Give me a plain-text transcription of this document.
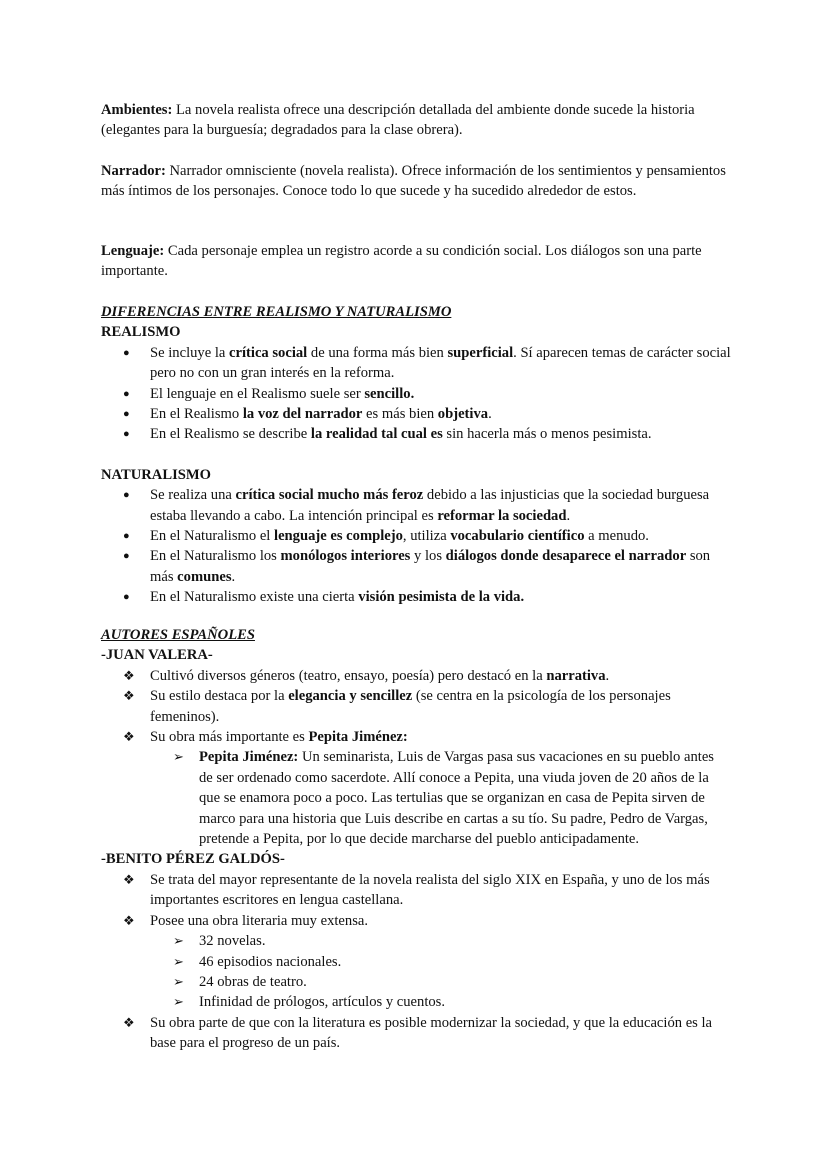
Ambientes: La novela realista ofrece una descripción detallada del ambiente donde sucede la historia (elegantes para la burguesía; degradados para la clase obrera).
Narrador: Narrador omnisciente (novela realista). Ofrece información de los sentimientos y pensamientos más íntimos de los personajes. Conoce todo lo que sucede y ha sucedido alrededor de estos.
Lenguaje: Cada personaje emplea un registro acorde a su condición social. Los diálogos son una parte importante.
DIFERENCIAS ENTRE REALISMO Y NATURALISMO
REALISMO
● Se incluye la crítica social de una forma más bien superficial. Sí aparecen temas de carácter social pero no con un gran interés en la reforma.
● El lenguaje en el Realismo suele ser sencillo.
● En el Realismo la voz del narrador es más bien objetiva.
● En el Realismo se describe la realidad tal cual es sin hacerla más o menos pesimista.
NATURALISMO
● Se realiza una crítica social mucho más feroz debido a las injusticias que la sociedad burguesa estaba llevando a cabo. La intención principal es reformar la sociedad.
● En el Naturalismo el lenguaje es complejo, utiliza vocabulario científico a menudo.
● En el Naturalismo los monólogos interiores y los diálogos donde desaparece el narrador son más comunes.
● En el Naturalismo existe una cierta visión pesimista de la vida.
AUTORES ESPAÑOLES
-JUAN VALERA-
❖ Cultivó diversos géneros (teatro, ensayo, poesía) pero destacó en la narrativa.
❖ Su estilo destaca por la elegancia y sencillez (se centra en la psicología de los personajes femeninos).
❖ Su obra más importante es Pepita Jiménez:
➢ Pepita Jiménez: Un seminarista, Luis de Vargas pasa sus vacaciones en su pueblo antes de ser ordenado como sacerdote. Allí conoce a Pepita, una viuda joven de 20 años de la que se enamora poco a poco. Las tertulias que se organizan en casa de Pepita sirven de marco para una historia que Luis describe en cartas a su tío. Su padre, Pedro de Vargas, pretende a Pepita, por lo que decide marcharse del pueblo anticipadamente.
-BENITO PÉREZ GALDÓS-
❖ Se trata del mayor representante de la novela realista del siglo XIX en España, y uno de los más importantes escritores en lengua castellana.
❖ Posee una obra literaria muy extensa.
➢ 32 novelas.
➢ 46 episodios nacionales.
➢ 24 obras de teatro.
➢ Infinidad de prólogos, artículos y cuentos.
❖ Su obra parte de que con la literatura es posible modernizar la sociedad, y que la educación es la base para el progreso de un país.
